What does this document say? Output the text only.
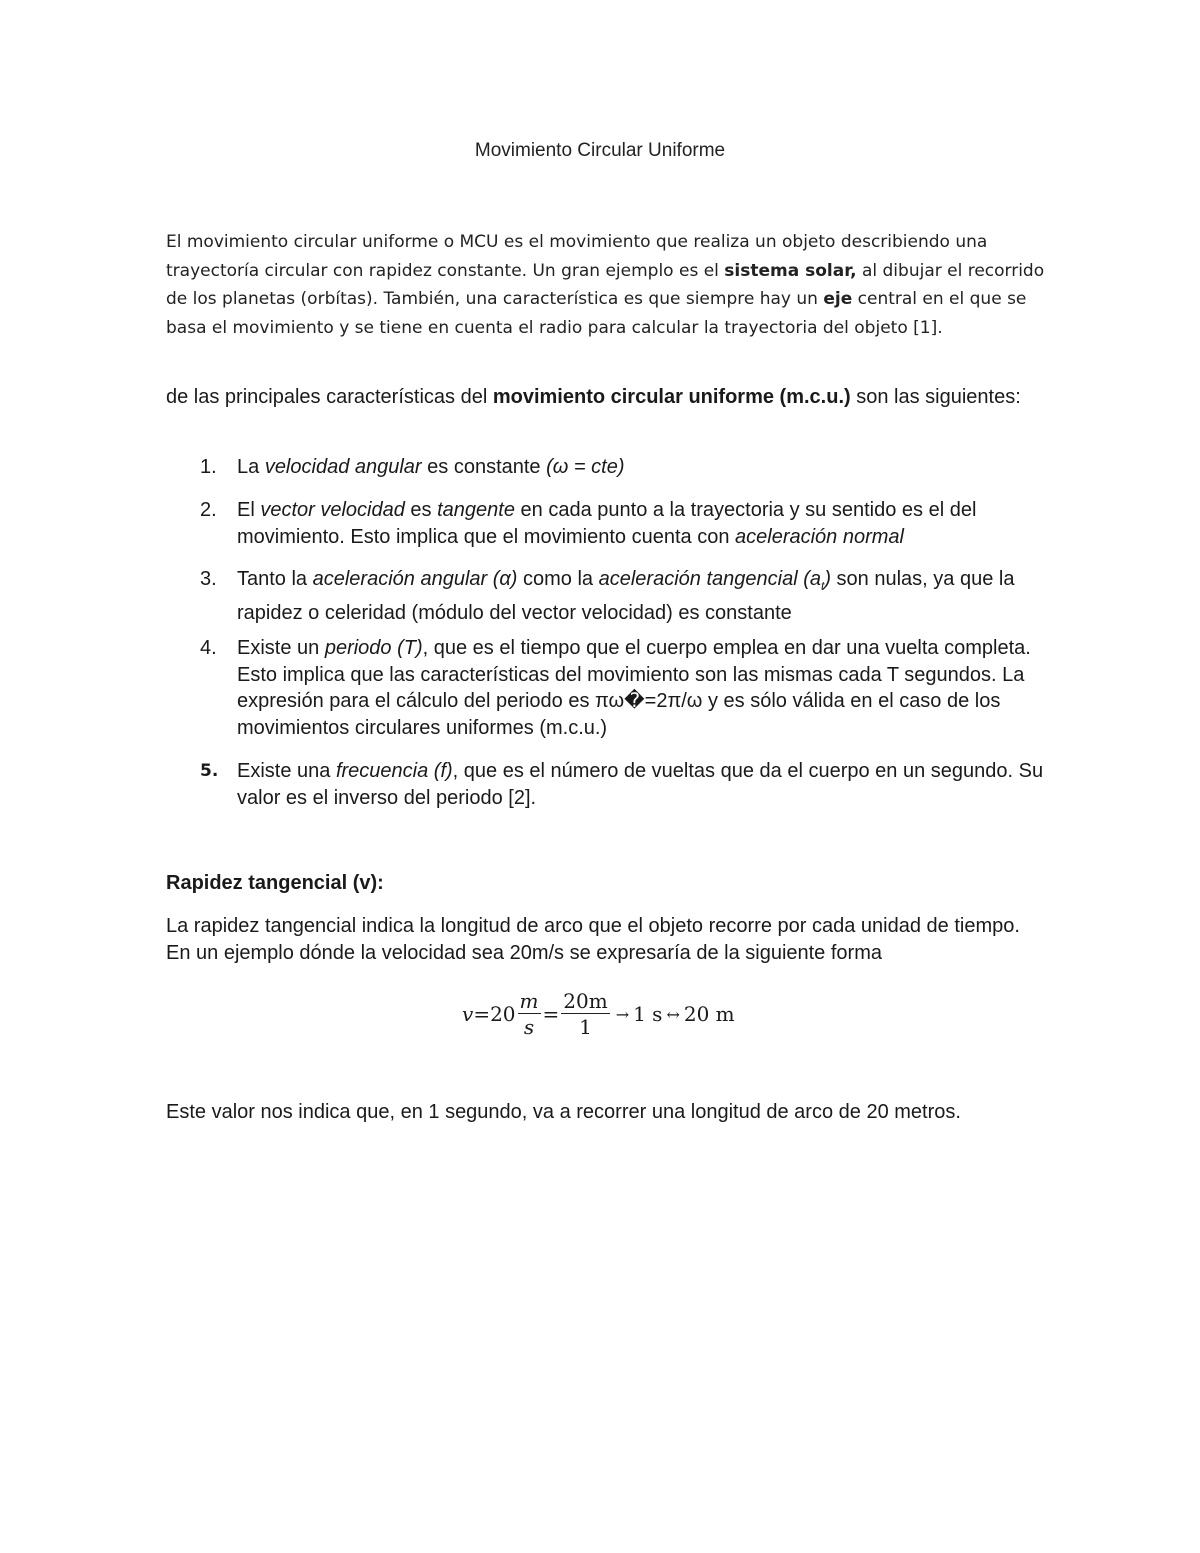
Movimiento Circular Uniforme
El movimiento circular uniforme o MCU es el movimiento que realiza un objeto describiendo una trayectoría circular con rapidez constante. Un gran ejemplo es el sistema solar, al dibujar el recorrido de los planetas (orbítas). También, una característica es que siempre hay un eje central en el que se basa el movimiento y se tiene en cuenta el radio para calcular la trayectoria del objeto [1].
de las principales características del movimiento circular uniforme (m.c.u.) son las siguientes:
1.	La velocidad angular es constante (ω = cte)
2.	El vector velocidad es tangente en cada punto a la trayectoria y su sentido es el del movimiento. Esto implica que el movimiento cuenta con aceleración normal
3.	Tanto la aceleración angular (α) como la aceleración tangencial $(a_t)$ son nulas, ya que la rapidez o celeridad (módulo del vector velocidad) es constante
4.	Existe un periodo (T), que es el tiempo que el cuerpo emplea en dar una vuelta completa. Esto implica que las características del movimiento son las mismas cada T segundos. La expresión para el cálculo del periodo es πω�=2π/ω y es sólo válida en el caso de los movimientos circulares uniformes (m.c.u.)
5. Existe una frecuencia (f), que es el número de vueltas que da el cuerpo en un segundo. Su valor es el inverso del periodo [2].
Rapidez tangencial (v):
La rapidez tangencial indica la longitud de arco que el objeto recorre por cada unidad de tiempo. En un ejemplo dónde la velocidad sea 20m/s se expresaría de la siguiente forma
$v =20 \frac{m}{s} = \frac{20m}{1} \to 1$ s ↔ 20 m
Este valor nos indica que, en 1 segundo, va a recorrer una longitud de arco de 20 metros.
